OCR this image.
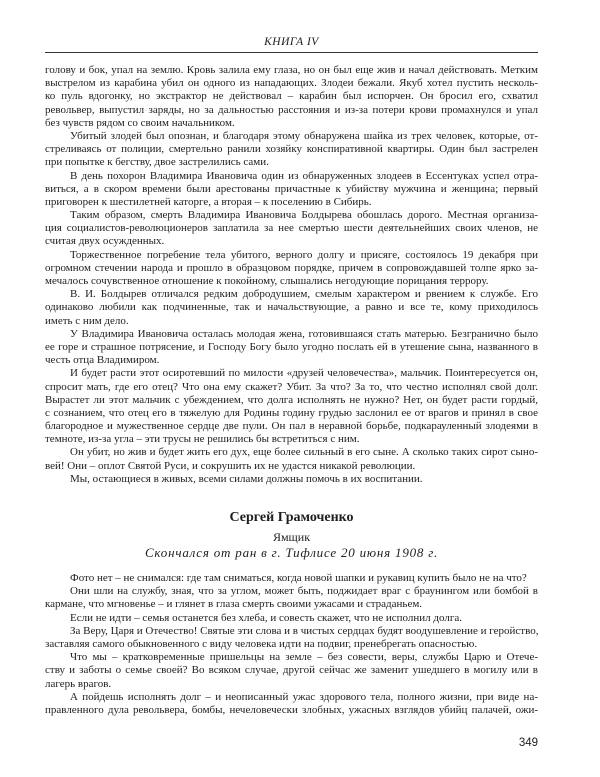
КНИГА IV
голову и бок, упал на землю. Кровь залила ему глаза, но он был еще жив и начал действовать. Метким
выстрелом из карабина убил он одного из нападающих. Злодеи бежали. Якуб хотел пустить несколь-
ко пуль вдогонку, но экстрактор не действовал – карабин был испорчен. Он бросил его, схватил
револьвер, выпустил заряды, но за дальностью расстояния и из-за потери крови промахнулся и упал
без чувств рядом со своим начальником.
Убитый злодей был опознан, и благодаря этому обнаружена шайка из трех человек, которые, от-
стреливаясь от полиции, смертельно ранили хозяйку конспиративной квартиры. Один был застрелен
при попытке к бегству, двое застрелились сами.
В день похорон Владимира Ивановича один из обнаруженных злодеев в Ессентуках успел отра-
виться, а в скором времени были арестованы причастные к убийству мужчина и женщина; первый
приговорен к шестилетней каторге, а вторая – к поселению в Сибирь.
Таким образом, смерть Владимира Ивановича Болдырева обошлась дорого. Местная организа-
ция социалистов-революционеров заплатила за нее смертью шести деятельнейших своих членов, не
считая двух осужденных.
Торжественное погребение тела убитого, верного долгу и присяге, состоялось 19 декабря при
огромном стечении народа и прошло в образцовом порядке, причем в сопровождавшей толпе ярко за-
мечалось сочувственное отношение к покойному, слышались негодующие порицания террору.
В. И. Болдырев отличался редким добродушием, смелым характером и рвением к службе. Его
одинаково любили как подчиненные, так и начальствующие, а равно и все те, кому приходилось
иметь с ним дело.
У Владимира Ивановича осталась молодая жена, готовившаяся стать матерью. Безгранично было
ее горе и страшное потрясение, и Господу Богу было угодно послать ей в утешение сына, названного в
честь отца Владимиром.
И будет расти этот осиротевший по милости «друзей человечества», мальчик. Поинтересуется он,
спросит мать, где его отец? Что она ему скажет? Убит. За что? За то, что честно исполнял свой долг.
Вырастет ли этот мальчик с убеждением, что долга исполнять не нужно? Нет, он будет расти гордый,
с сознанием, что отец его в тяжелую для Родины годину грудью заслонил ее от врагов и принял в свое
благородное и мужественное сердце две пули. Он пал в неравной борьбе, подкарауленный злодеями в
темноте, из-за угла – эти трусы не решились бы встретиться с ним.
Он убит, но жив и будет жить его дух, еще более сильный в его сыне. А сколько таких сирот сыно-
вей! Они – оплот Святой Руси, и сокрушить их не удастся никакой революции.
Мы, остающиеся в живых, всеми силами должны помочь в их воспитании.
Сергей Грамоченко
Ямщик
Скончался от ран в г. Тифлисе 20 июня 1908 г.
Фото нет – не снимался: где там сниматься, когда новой шапки и рукавиц купить было не на что?
Они шли на службу, зная, что за углом, может быть, поджидает враг с браунингом или бомбой в
кармане, что мгновенье – и глянет в глаза смерть своими ужасами и страданьем.
Если не идти – семья останется без хлеба, и совесть скажет, что не исполнил долга.
За Веру, Царя и Отечество! Святые эти слова и в чистых сердцах будят воодушевление и геройство,
заставляя самого обыкновенного с виду человека идти на подвиг, пренебрегать опасностью.
Что мы – кратковременные пришельцы на земле – без совести, веры, службы Царю и Отече-
ству и заботы о семье своей? Во всяком случае, другой сейчас же заменит ушедшего в могилу или в
лагерь врагов.
А пойдешь исполнять долг – и неописанный ужас здорового тела, полного жизни, при виде на-
правленного дула револьвера, бомбы, нечеловечески злобных, ужасных взглядов убийц палачей, ожи-
349
